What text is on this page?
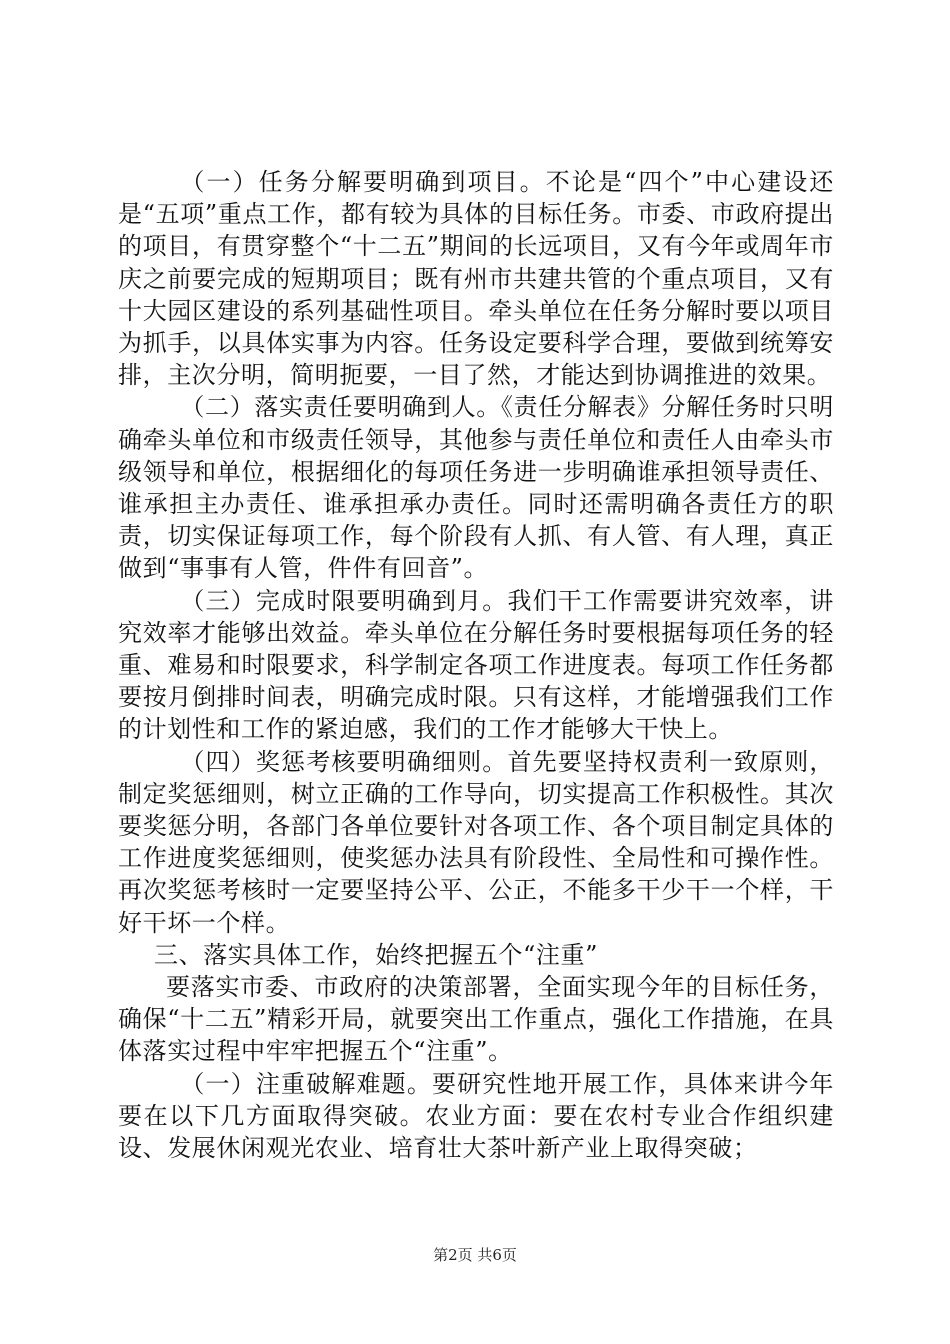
（一）任务分解要明确到项目。不论是“四个”中心建设还是“五项”重点工作，都有较为具体的目标任务。市委、市政府提出的项目，有贯穿整个“十二五”期间的长远项目，又有今年或周年市庆之前要完成的短期项目；既有州市共建共管的个重点项目，又有十大园区建设的系列基础性项目。牵头单位在任务分解时要以项目为抓手，以具体实事为内容。任务设定要科学合理，要做到统筹安排，主次分明，简明扼要，一目了然，才能达到协调推进的效果。

（二）落实责任要明确到人。《责任分解表》分解任务时只明确牵头单位和市级责任领导，其他参与责任单位和责任人由牵头市级领导和单位，根据细化的每项任务进一步明确谁承担领导责任、谁承担主办责任、谁承担承办责任。同时还需明确各责任方的职责，切实保证每项工作，每个阶段有人抓、有人管、有人理，真正做到“事事有人管，件件有回音”。

（三）完成时限要明确到月。我们干工作需要讲究效率，讲究效率才能够出效益。牵头单位在分解任务时要根据每项任务的轻重、难易和时限要求，科学制定各项工作进度表。每项工作任务都要按月倒排时间表，明确完成时限。只有这样，才能增强我们工作的计划性和工作的紧迫感，我们的工作才能够大干快上。

（四）奖惩考核要明确细则。首先要坚持权责利一致原则，制定奖惩细则，树立正确的工作导向，切实提高工作积极性。其次要奖惩分明，各部门各单位要针对各项工作、各个项目制定具体的工作进度奖惩细则，使奖惩办法具有阶段性、全局性和可操作性。再次奖惩考核时一定要坚持公平、公正，不能多干少干一个样，干好干坏一个样。

三、落实具体工作，始终把握五个“注重”

要落实市委、市政府的决策部署，全面实现今年的目标任务，确保“十二五”精彩开局，就要突出工作重点，强化工作措施，在具体落实过程中牢牢把握五个“注重”。

（一）注重破解难题。要研究性地开展工作，具体来讲今年要在以下几方面取得突破。农业方面：要在农村专业合作组织建设、发展休闲观光农业、培育壮大茶叶新产业上取得突破；

第2页 共6页
